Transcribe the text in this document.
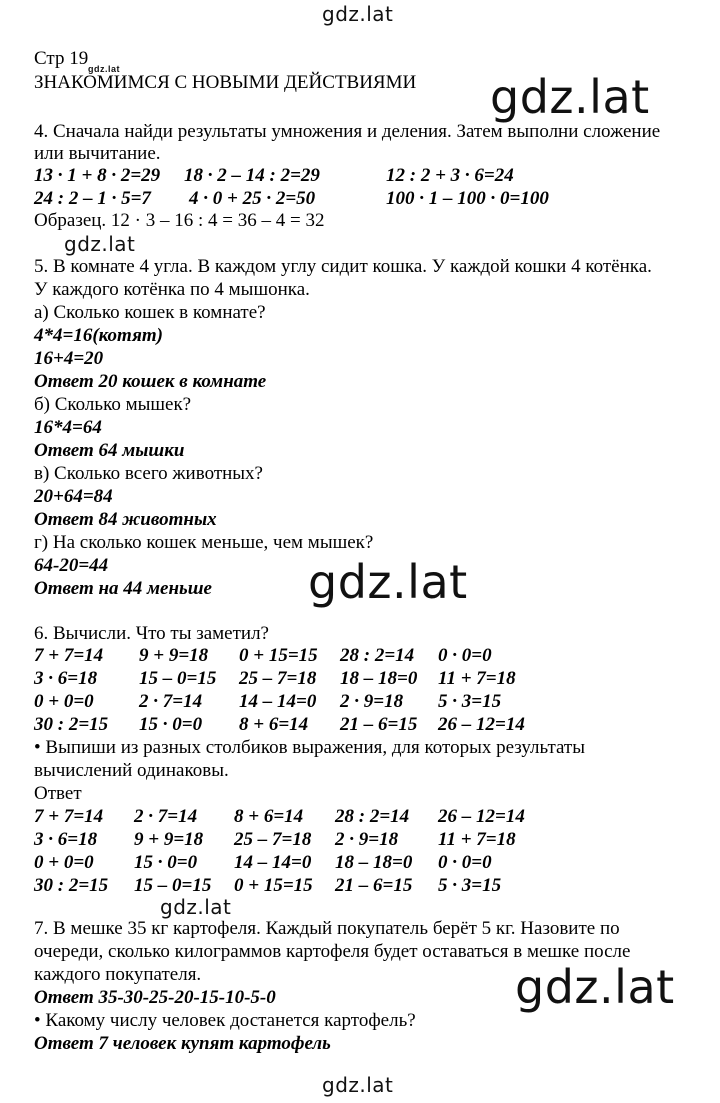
gdz.lat
gdz.lat
gdz.lat
gdz.lat
gdz.lat
gdz.lat
gdz.lat
Стр 19 gdz.lat
ЗНАКОМИМСЯ С НОВЫМИ ДЕЙСТВИЯМИ
4. Сначала найди результаты умножения и деления. Затем выполни сложение
или вычитание.
13 · 1 + 8 · 2=29 18 · 2 – 14 : 2=29	12 : 2 + 3 · 6=24
24 : 2 – 1 · 5=7 4 · 0 + 25 · 2=50	100 · 1 – 100 · 0=100
Образец. 12 · 3 – 16 : 4 = 36 – 4 = 32
5. В комнате 4 угла. В каждом углу сидит кошка. У каждой кошки 4 котёнка.
У каждого котёнка по 4 мышонка.
а) Сколько кошек в комнате?
4*4=16(котят)
16+4=20
Ответ 20 кошек в комнате
б) Сколько мышек?
16*4=64
Ответ 64 мышки
в) Сколько всего животных?
20+64=84
Ответ 84 животных
г) На сколько кошек меньше, чем мышек?
64-20=44
Ответ на 44 меньше
6. Вычисли. Что ты заметил?
7 + 7=14 9 + 9=18 0 + 15=15 28 : 2=14 0 · 0=0
3 · 6=18 15 – 0=15 25 – 7=18 18 – 18=0 11 + 7=18
0 + 0=0 2 · 7=14 14 – 14=0 2 · 9=18 5 · 3=15
30 : 2=15 15 · 0=0 8 + 6=14 21 – 6=15 26 – 12=14
• Выпиши из разных столбиков выражения, для которых результаты
вычислений одинаковы.
Ответ
7 + 7=14 2 · 7=14 8 + 6=14 28 : 2=14 26 – 12=14
3 · 6=18 9 + 9=18 25 – 7=18 2 · 9=18 11 + 7=18
0 + 0=0 15 · 0=0 14 – 14=0 18 – 18=0 0 · 0=0
30 : 2=15 15 – 0=15 0 + 15=15 21 – 6=15 5 · 3=15
7. В мешке 35 кг картофеля. Каждый покупатель берёт 5 кг. Назовите по
очереди, сколько килограммов картофеля будет оставаться в мешке после
каждого покупателя.
Ответ 35-30-25-20-15-10-5-0
• Какому числу человек достанется картофель?
Ответ 7 человек купят картофель
